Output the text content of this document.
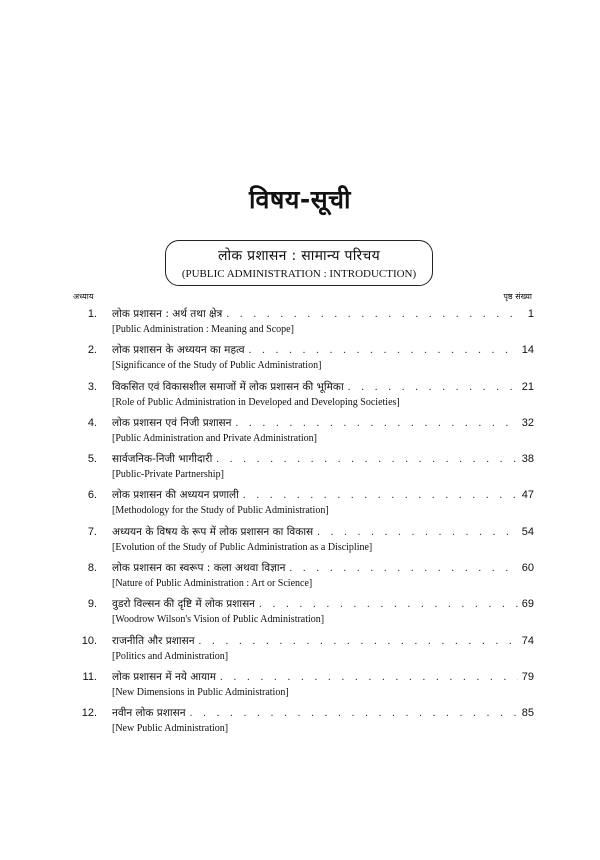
विषय-सूची
लोक प्रशासन : सामान्य परिचय
(PUBLIC ADMINISTRATION : INTRODUCTION)
अध्याय	पृष्ठ संख्या
1. लोक प्रशासन : अर्थ तथा क्षेत्र . . .	1
[Public Administration : Meaning and Scope]
2. लोक प्रशासन के अध्ययन का महत्व . . .	14
[Significance of the Study of Public Administration]
3. विकसित एवं विकासशील समाजों में लोक प्रशासन की भूमिका . . .	21
[Role of Public Administration in Developed and Developing Societies]
4. लोक प्रशासन एवं निजी प्रशासन . . .	32
[Public Administration and Private Administration]
5. सार्वजनिक-निजी भागीदारी . . .	38
[Public-Private Partnership]
6. लोक प्रशासन की अध्ययन प्रणाली . . .	47
[Methodology for the Study of Public Administration]
7. अध्ययन के विषय के रूप में लोक प्रशासन का विकास . . .	54
[Evolution of the Study of Public Administration as a Discipline]
8. लोक प्रशासन का स्वरूप : कला अथवा विज्ञान . . .	60
[Nature of Public Administration : Art or Science]
9. वुडरो विल्सन की दृष्टि में लोक प्रशासन . . .	69
[Woodrow Wilson's Vision of Public Administration]
10. राजनीति और प्रशासन . . .	74
[Politics and Administration]
11. लोक प्रशासन में नये आयाम . . .	79
[New Dimensions in Public Administration]
12. नवीन लोक प्रशासन . . .	85
[New Public Administration]
